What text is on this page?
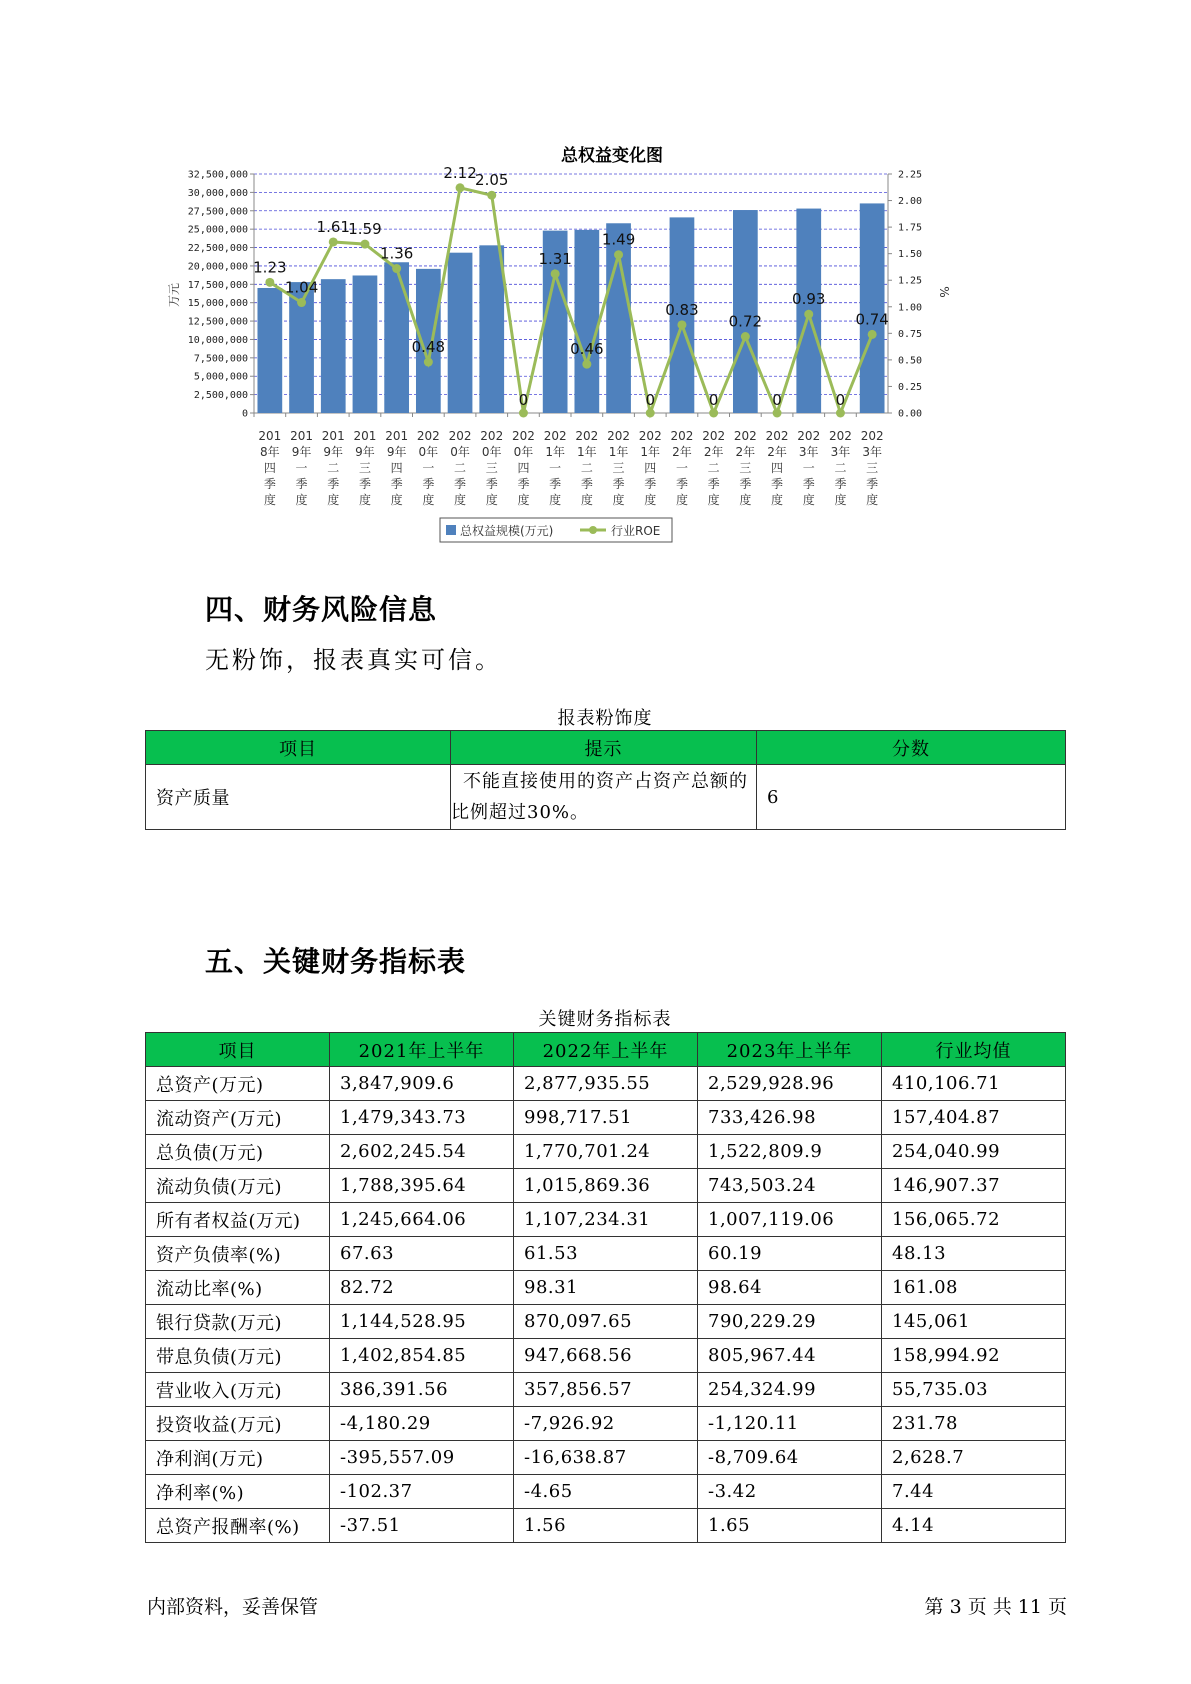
总权益变化图
32,500,000
30,000,000
27,500,000
25,000,000
22,500,000
20,000,000
17,500,000
15,000,000
12,500,000
10,000,000
7,500,000
5,000,000
2,500,000
0
2.25
2.00
1.75
1.50
1.25
1.00
0.75
0.50
0.25
0.00
万元	%
201
8年
四
季
度
201
9年
一
季
度
201
9年
二
季
度
201
9年
三
季
度
201
9年
四
季
度
202
0年
一
季
度
202
0年
二
季
度
202
0年
三
季
度
202
0年
四
季
度
202
1年
一
季
度
202
1年
二
季
度
202
1年
三
季
度
202
1年
四
季
度
202
2年
一
季
度
202
2年
二
季
度
202
2年
三
季
度
202
2年
四
季
度
202
3年
一
季
度
202
3年
二
季
度
202
3年
三
季
度
1.23
1.04
1.61
1.59
1.36
0.48
2.12
2.05
0
1.31
0.46
1.49
0
0.83
0
0.72
0
0.93
0
0.74
总权益规模(万元)	行业ROE
四、财务风险信息
无粉饰，报表真实可信。
报表粉饰度
项目	提示	分数
资产质量	不能直接使用的资产占资产总额的比例超过30%。	6
五、关键财务指标表
关键财务指标表
项目	2021年上半年	2022年上半年	2023年上半年	行业均值
总资产(万元)	3,847,909.6	2,877,935.55	2,529,928.96	410,106.71
流动资产(万元)	1,479,343.73	998,717.51	733,426.98	157,404.87
总负债(万元)	2,602,245.54	1,770,701.24	1,522,809.9	254,040.99
流动负债(万元)	1,788,395.64	1,015,869.36	743,503.24	146,907.37
所有者权益(万元)	1,245,664.06	1,107,234.31	1,007,119.06	156,065.72
资产负债率(%)	67.63	61.53	60.19	48.13
流动比率(%)	82.72	98.31	98.64	161.08
银行贷款(万元)	1,144,528.95	870,097.65	790,229.29	145,061
带息负债(万元)	1,402,854.85	947,668.56	805,967.44	158,994.92
营业收入(万元)	386,391.56	357,856.57	254,324.99	55,735.03
投资收益(万元)	-4,180.29	-7,926.92	-1,120.11	231.78
净利润(万元)	-395,557.09	-16,638.87	-8,709.64	2,628.7
净利率(%)	-102.37	-4.65	-3.42	7.44
总资产报酬率(%)	-37.51	1.56	1.65	4.14
内部资料，妥善保管	第 3 页 共 11 页
